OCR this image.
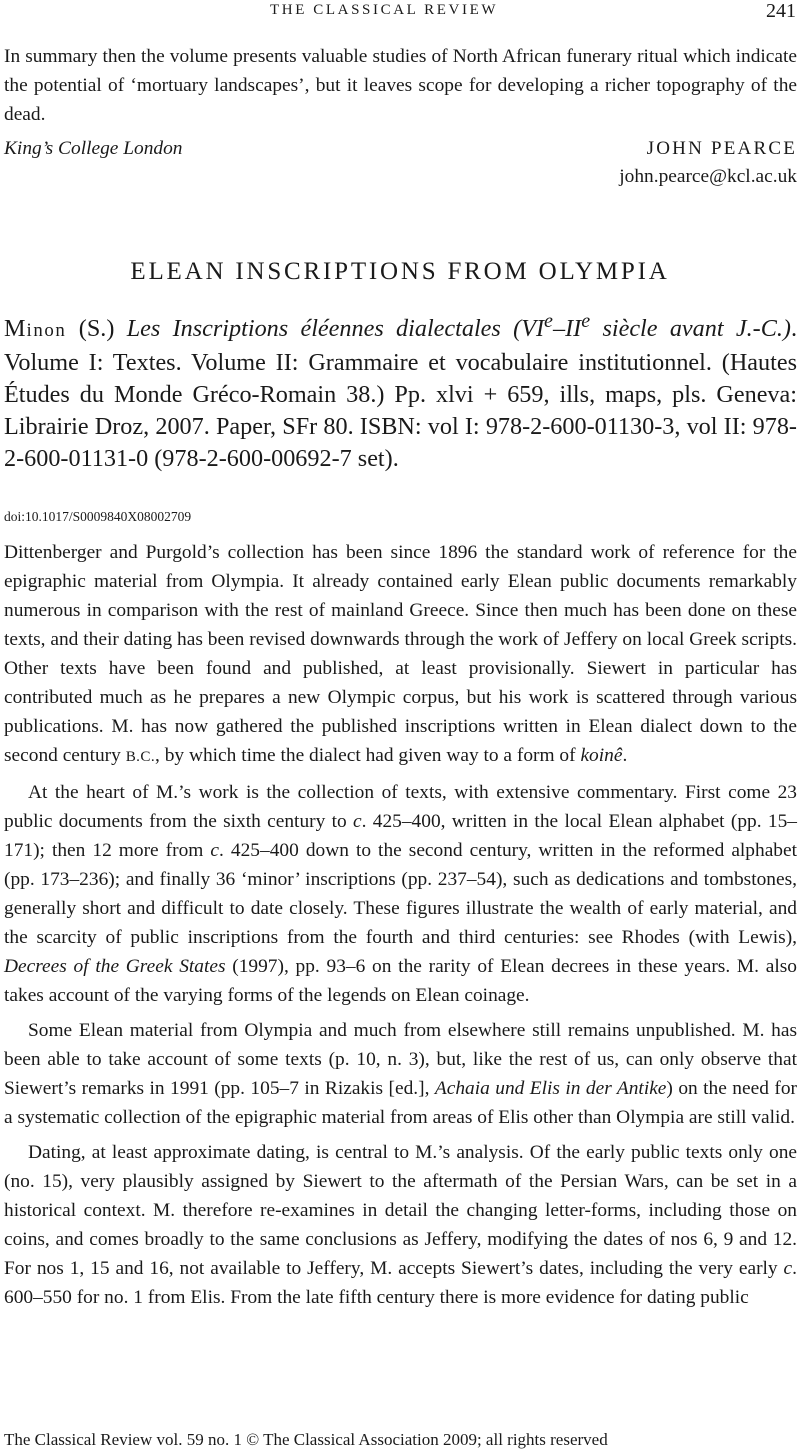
THE CLASSICAL REVIEW	241

In summary then the volume presents valuable studies of North African funerary ritual which indicate the potential of ‘mortuary landscapes’, but it leaves scope for developing a richer topography of the dead.

King’s College London	JOHN PEARCE
john.pearce@kcl.ac.uk
ELEAN INSCRIPTIONS FROM OLYMPIA

Minon (S.) Les Inscriptions éléennes dialectales (VIe–IIe siècle avant J.-C.). Volume I: Textes. Volume II: Grammaire et vocabulaire institutionnel. (Hautes Études du Monde Gréco-Romain 38.) Pp. xlvi + 659, ills, maps, pls. Geneva: Librairie Droz, 2007. Paper, SFr 80. ISBN: vol I: 978-2-600-01130-3, vol II: 978-2-600-01131-0 (978-2-600-00692-7 set).

doi:10.1017/S0009840X08002709

Dittenberger and Purgold’s collection has been since 1896 the standard work of reference for the epigraphic material from Olympia. It already contained early Elean public documents remarkably numerous in comparison with the rest of mainland Greece. Since then much has been done on these texts, and their dating has been revised downwards through the work of Jeffery on local Greek scripts. Other texts have been found and published, at least provisionally. Siewert in particular has contributed much as he prepares a new Olympic corpus, but his work is scattered through various publications. M. has now gathered the published inscriptions written in Elean dialect down to the second century B.C., by which time the dialect had given way to a form of koinê.

At the heart of M.’s work is the collection of texts, with extensive commentary. First come 23 public documents from the sixth century to c. 425–400, written in the local Elean alphabet (pp. 15–171); then 12 more from c. 425–400 down to the second century, written in the reformed alphabet (pp. 173–236); and finally 36 ‘minor’ inscriptions (pp. 237–54), such as dedications and tombstones, generally short and difficult to date closely. These figures illustrate the wealth of early material, and the scarcity of public inscriptions from the fourth and third centuries: see Rhodes (with Lewis), Decrees of the Greek States (1997), pp. 93–6 on the rarity of Elean decrees in these years. M. also takes account of the varying forms of the legends on Elean coinage.

Some Elean material from Olympia and much from elsewhere still remains unpublished. M. has been able to take account of some texts (p. 10, n. 3), but, like the rest of us, can only observe that Siewert’s remarks in 1991 (pp. 105–7 in Rizakis [ed.], Achaia und Elis in der Antike) on the need for a systematic collection of the epigraphic material from areas of Elis other than Olympia are still valid.

Dating, at least approximate dating, is central to M.’s analysis. Of the early public texts only one (no. 15), very plausibly assigned by Siewert to the aftermath of the Persian Wars, can be set in a historical context. M. therefore re-examines in detail the changing letter-forms, including those on coins, and comes broadly to the same conclusions as Jeffery, modifying the dates of nos 6, 9 and 12. For nos 1, 15 and 16, not available to Jeffery, M. accepts Siewert’s dates, including the very early c. 600–550 for no. 1 from Elis. From the late fifth century there is more evidence for dating public

The Classical Review vol. 59 no. 1 © The Classical Association 2009; all rights reserved
